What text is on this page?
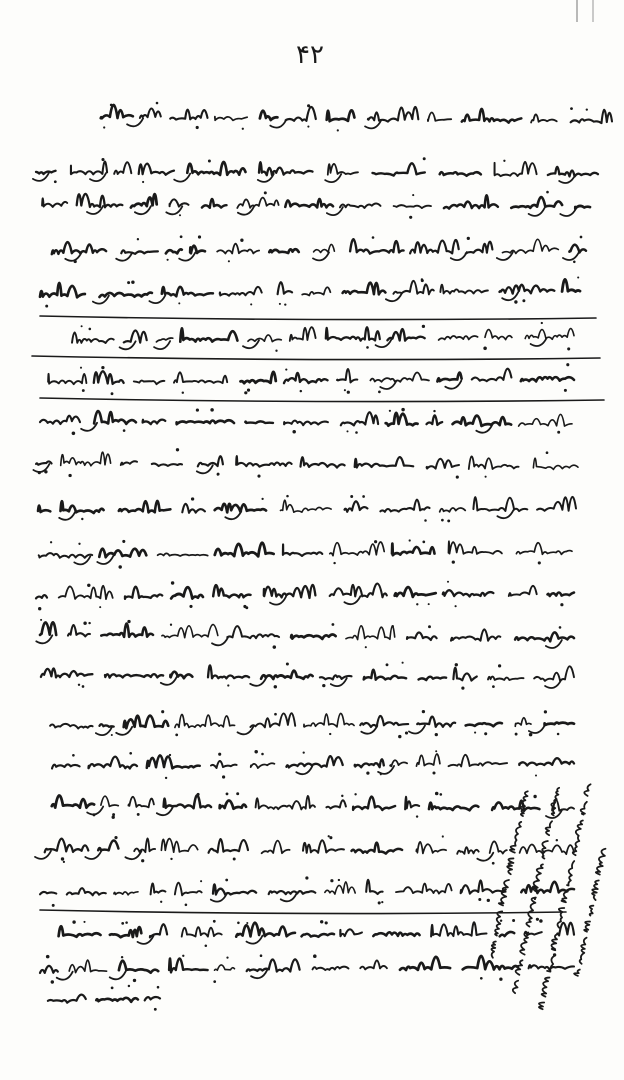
۴۲
